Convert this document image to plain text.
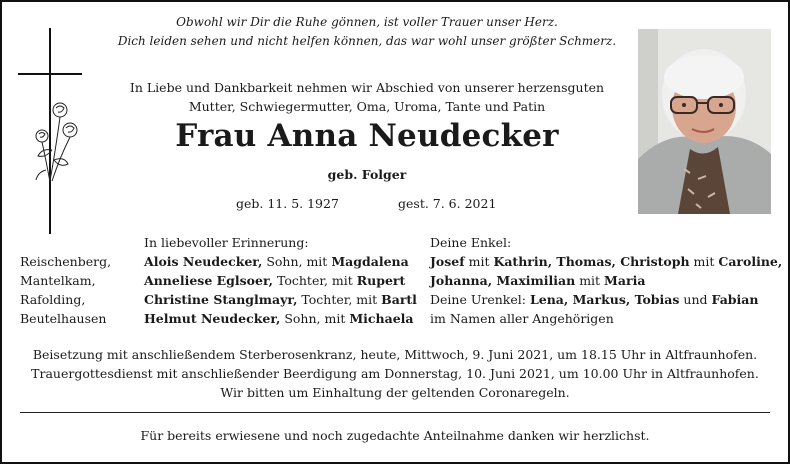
Obwohl wir Dir die Ruhe gönnen, ist voller Trauer unser Herz.
Dich leiden sehen und nicht helfen können, das war wohl unser größter Schmerz.
In Liebe und Dankbarkeit nehmen wir Abschied von unserer herzensguten
Mutter, Schwiegermutter, Oma, Uroma, Tante und Patin
Frau Anna Neudecker
geb. Folger
geb. 11. 5. 1927	gest. 7. 6. 2021
Reischenberg,
Mantelkam,
Rafolding,
Beutelhausen
In liebevoller Erinnerung:
Alois Neudecker, Sohn, mit Magdalena
Anneliese Eglsoer, Tochter, mit Rupert
Christine Stanglmayr, Tochter, mit Bartl
Helmut Neudecker, Sohn, mit Michaela
Deine Enkel:
Josef mit Kathrin, Thomas, Christoph mit Caroline,
Johanna, Maximilian mit Maria
Deine Urenkel: Lena, Markus, Tobias und Fabian
im Namen aller Angehörigen
Beisetzung mit anschließendem Sterberosenkranz, heute, Mittwoch, 9. Juni 2021, um 18.15 Uhr in Altfraunhofen.
Trauergottesdienst mit anschließender Beerdigung am Donnerstag, 10. Juni 2021, um 10.00 Uhr in Altfraunhofen.
Wir bitten um Einhaltung der geltenden Coronaregeln.
Für bereits erwiesene und noch zugedachte Anteilnahme danken wir herzlichst.
